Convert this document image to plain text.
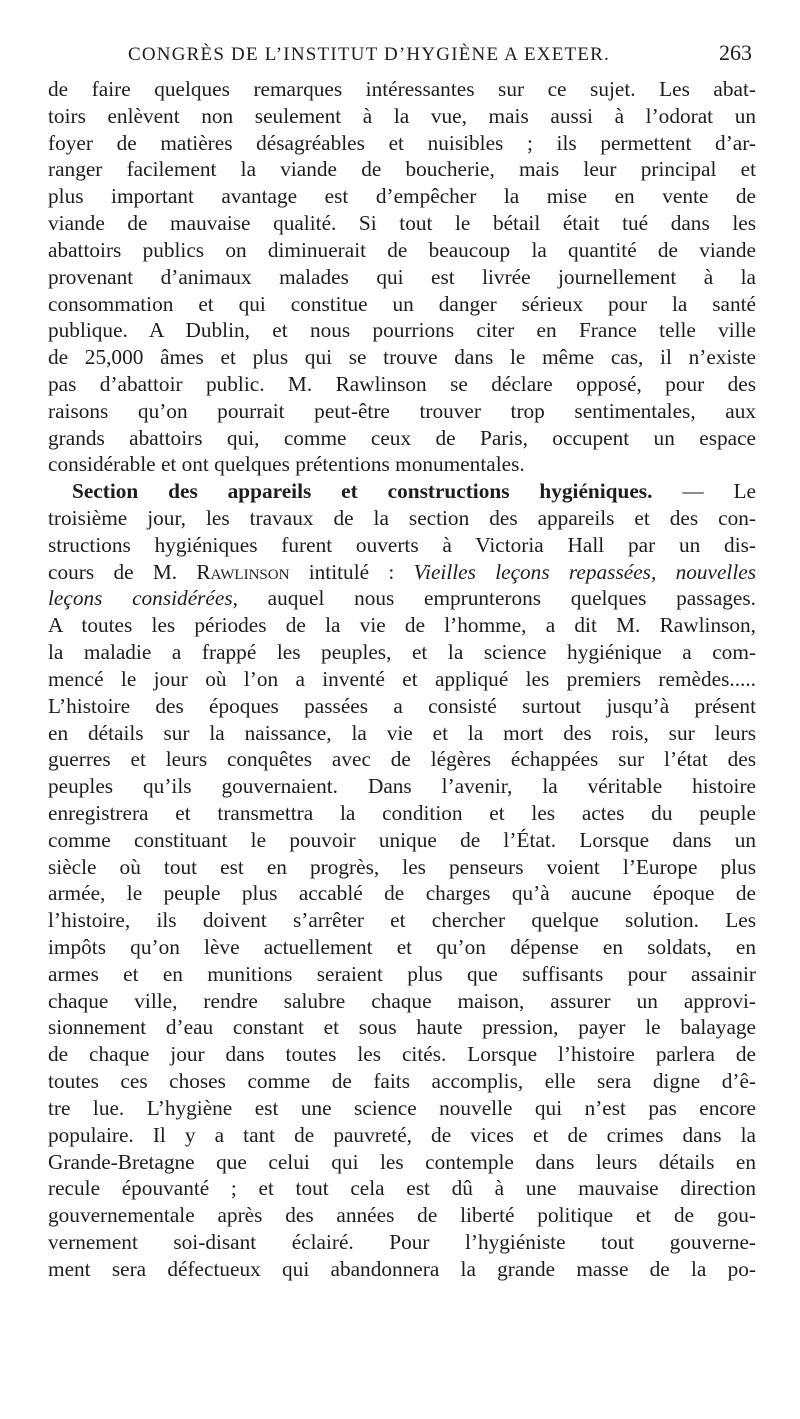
CONGRÈS DE L’INSTITUT D’HYGIÈNE A EXETER.	263
de faire quelques remarques intéressantes sur ce sujet. Les abat-
toirs enlèvent non seulement à la vue, mais aussi à l’odorat un
foyer de matières désagréables et nuisibles ; ils permettent d’ar-
ranger facilement la viande de boucherie, mais leur principal et
plus important avantage est d’empêcher la mise en vente de
viande de mauvaise qualité. Si tout le bétail était tué dans les
abattoirs publics on diminuerait de beaucoup la quantité de viande
provenant d’animaux malades qui est livrée journellement à la
consommation et qui constitue un danger sérieux pour la santé
publique. A Dublin, et nous pourrions citer en France telle ville
de 25,000 âmes et plus qui se trouve dans le même cas, il n’existe
pas d’abattoir public. M. Rawlinson se déclare opposé, pour des
raisons qu’on pourrait peut-être trouver trop sentimentales, aux
grands abattoirs qui, comme ceux de Paris, occupent un espace
considérable et ont quelques prétentions monumentales.
Section des appareils et constructions hygiéniques. — Le
troisième jour, les travaux de la section des appareils et des con-
structions hygiéniques furent ouverts à Victoria Hall par un dis-
cours de M. Rawlinson intitulé : Vieilles leçons repassées, nouvelles
leçons considérées, auquel nous emprunterons quelques passages.
A toutes les périodes de la vie de l’homme, a dit M. Rawlinson,
la maladie a frappé les peuples, et la science hygiénique a com-
mencé le jour où l’on a inventé et appliqué les premiers remèdes.....
L’histoire des époques passées a consisté surtout jusqu’à présent
en détails sur la naissance, la vie et la mort des rois, sur leurs
guerres et leurs conquêtes avec de légères échappées sur l’état des
peuples qu’ils gouvernaient. Dans l’avenir, la véritable histoire
enregistrera et transmettra la condition et les actes du peuple
comme constituant le pouvoir unique de l’État. Lorsque dans un
siècle où tout est en progrès, les penseurs voient l’Europe plus
armée, le peuple plus accablé de charges qu’à aucune époque de
l’histoire, ils doivent s’arrêter et chercher quelque solution. Les
impôts qu’on lève actuellement et qu’on dépense en soldats, en
armes et en munitions seraient plus que suffisants pour assainir
chaque ville, rendre salubre chaque maison, assurer un approvi-
sionnement d’eau constant et sous haute pression, payer le balayage
de chaque jour dans toutes les cités. Lorsque l’histoire parlera de
toutes ces choses comme de faits accomplis, elle sera digne d’ê-
tre lue. L’hygiène est une science nouvelle qui n’est pas encore
populaire. Il y a tant de pauvreté, de vices et de crimes dans la
Grande-Bretagne que celui qui les contemple dans leurs détails en
recule épouvanté ; et tout cela est dû à une mauvaise direction
gouvernementale après des années de liberté politique et de gou-
vernement soi-disant éclairé. Pour l’hygiéniste tout gouverne-
ment sera défectueux qui abandonnera la grande masse de la po-
